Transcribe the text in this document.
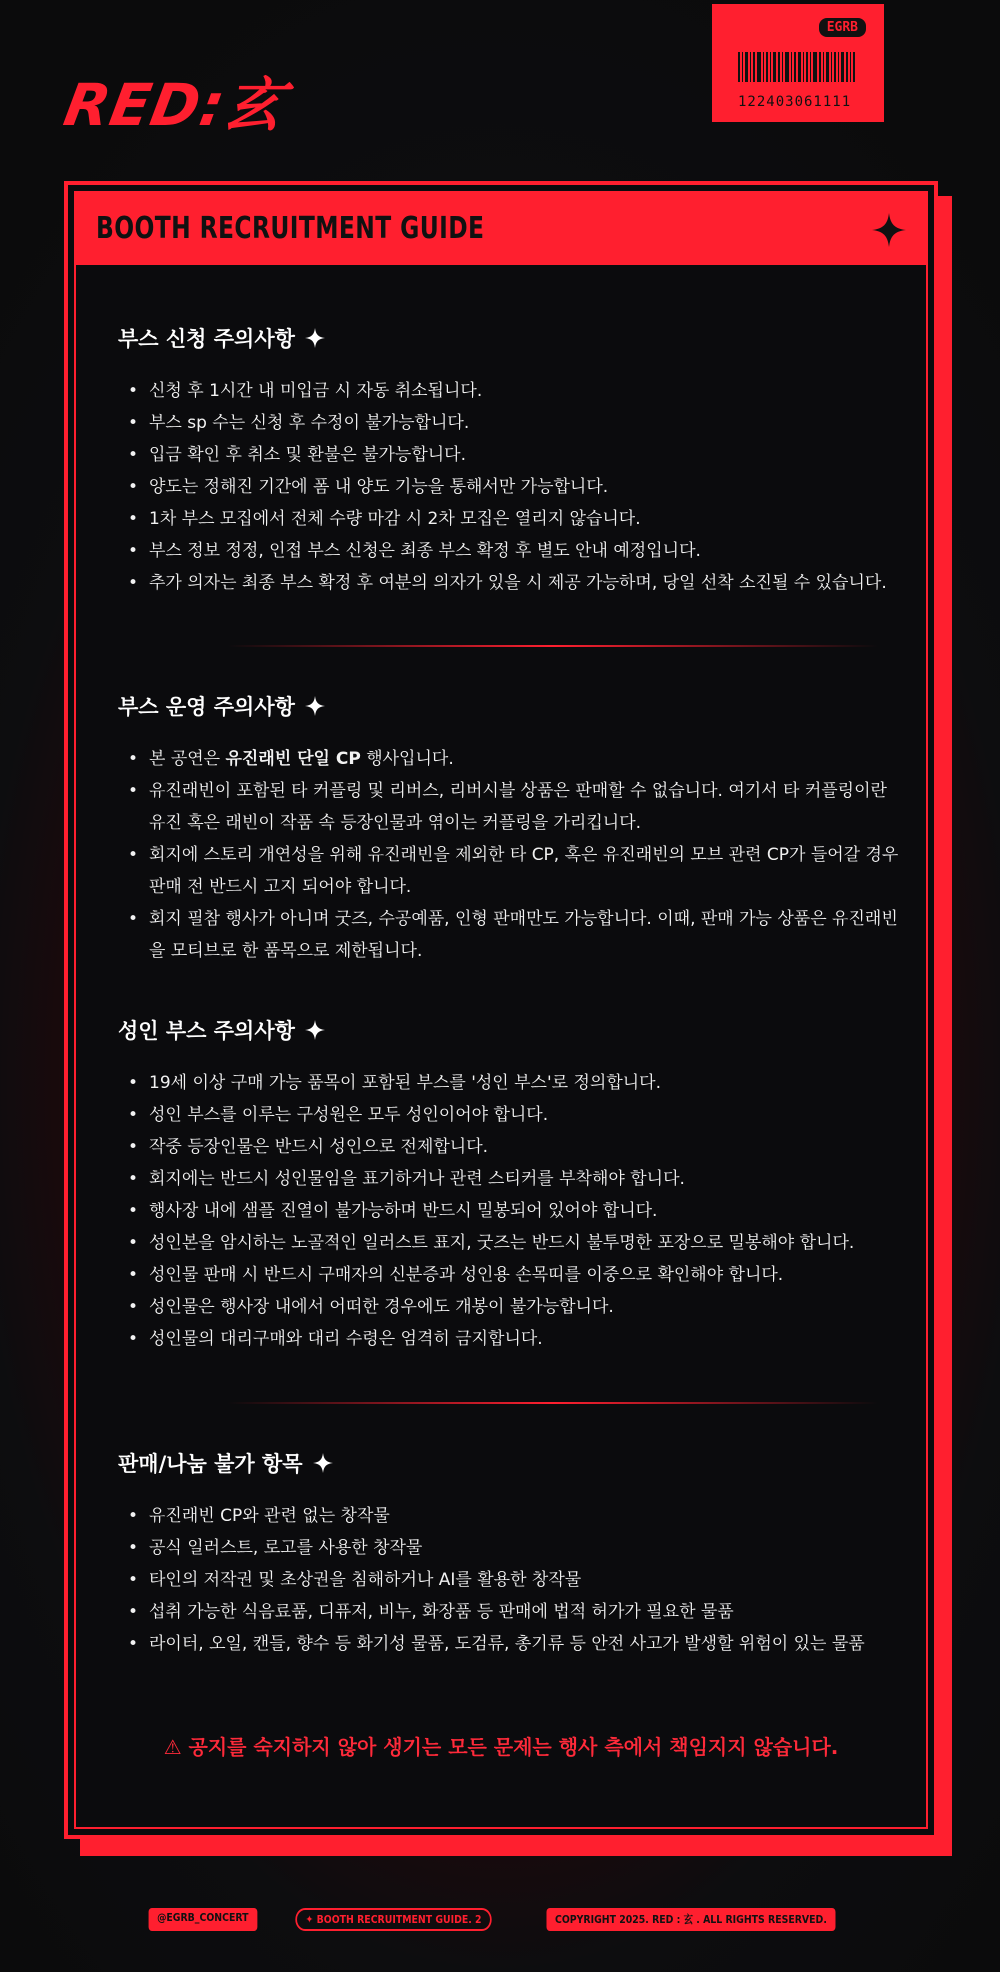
RED:玄
EGRB
122403061111
BOOTH RECRUITMENT GUIDE
부스 신청 주의사항
• 신청 후 1시간 내 미입금 시 자동 취소됩니다.
• 부스 sp 수는 신청 후 수정이 불가능합니다.
• 입금 확인 후 취소 및 환불은 불가능합니다.
• 양도는 정해진 기간에 폼 내 양도 기능을 통해서만 가능합니다.
• 1차 부스 모집에서 전체 수량 마감 시 2차 모집은 열리지 않습니다.
• 부스 정보 정정, 인접 부스 신청은 최종 부스 확정 후 별도 안내 예정입니다.
• 추가 의자는 최종 부스 확정 후 여분의 의자가 있을 시 제공 가능하며, 당일 선착 소진될 수 있습니다.
부스 운영 주의사항
• 본 공연은 유진래빈 단일 CP 행사입니다.
• 유진래빈이 포함된 타 커플링 및 리버스, 리버시블 상품은 판매할 수 없습니다. 여기서 타 커플링이란 유진 혹은 래빈이 작품 속 등장인물과 엮이는 커플링을 가리킵니다.
• 회지에 스토리 개연성을 위해 유진래빈을 제외한 타 CP, 혹은 유진래빈의 모브 관련 CP가 들어갈 경우 판매 전 반드시 고지 되어야 합니다.
• 회지 필참 행사가 아니며 굿즈, 수공예품, 인형 판매만도 가능합니다. 이때, 판매 가능 상품은 유진래빈을 모티브로 한 품목으로 제한됩니다.
성인 부스 주의사항
• 19세 이상 구매 가능 품목이 포함된 부스를 '성인 부스'로 정의합니다.
• 성인 부스를 이루는 구성원은 모두 성인이어야 합니다.
• 작중 등장인물은 반드시 성인으로 전제합니다.
• 회지에는 반드시 성인물임을 표기하거나 관련 스티커를 부착해야 합니다.
• 행사장 내에 샘플 진열이 불가능하며 반드시 밀봉되어 있어야 합니다.
• 성인본을 암시하는 노골적인 일러스트 표지, 굿즈는 반드시 불투명한 포장으로 밀봉해야 합니다.
• 성인물 판매 시 반드시 구매자의 신분증과 성인용 손목띠를 이중으로 확인해야 합니다.
• 성인물은 행사장 내에서 어떠한 경우에도 개봉이 불가능합니다.
• 성인물의 대리구매와 대리 수령은 엄격히 금지합니다.
판매/나눔 불가 항목
• 유진래빈 CP와 관련 없는 창작물
• 공식 일러스트, 로고를 사용한 창작물
• 타인의 저작권 및 초상권을 침해하거나 AI를 활용한 창작물
• 섭취 가능한 식음료품, 디퓨저, 비누, 화장품 등 판매에 법적 허가가 필요한 물품
• 라이터, 오일, 캔들, 향수 등 화기성 물품, 도검류, 총기류 등 안전 사고가 발생할 위험이 있는 물품
⚠ 공지를 숙지하지 않아 생기는 모든 문제는 행사 측에서 책임지지 않습니다.
@EGRB_CONCERT	✦ BOOTH RECRUITMENT GUIDE. 2	COPYRIGHT 2025. RED : 玄 . ALL RIGHTS RESERVED.
